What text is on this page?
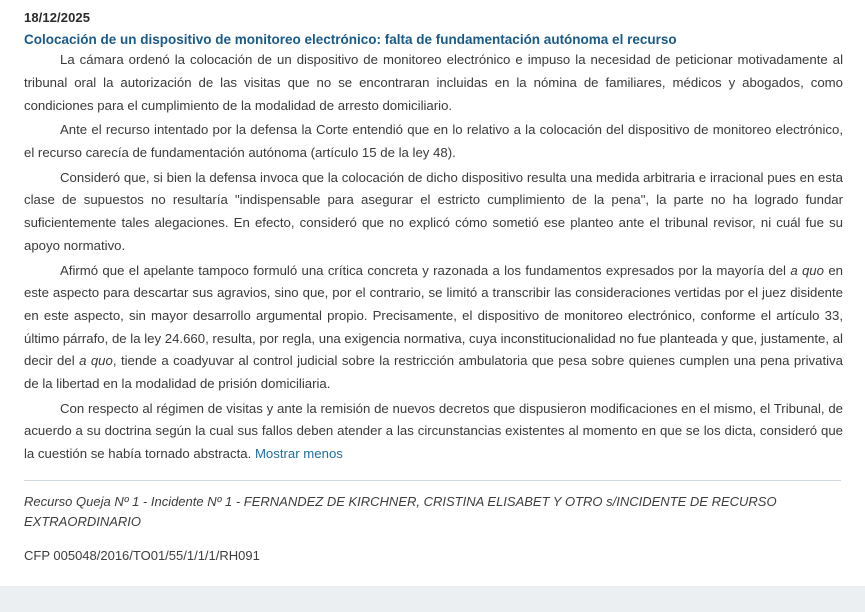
18/12/2025
Colocación de un dispositivo de monitoreo electrónico: falta de fundamentación autónoma el recurso

La cámara ordenó la colocación de un dispositivo de monitoreo electrónico e impuso la necesidad de peticionar motivadamente al tribunal oral la autorización de las visitas que no se encontraran incluidas en la nómina de familiares, médicos y abogados, como condiciones para el cumplimiento de la modalidad de arresto domiciliario.

Ante el recurso intentado por la defensa la Corte entendió que en lo relativo a la colocación del dispositivo de monitoreo electrónico, el recurso carecía de fundamentación autónoma (artículo 15 de la ley 48).

Consideró que, si bien la defensa invoca que la colocación de dicho dispositivo resulta una medida arbitraria e irracional pues en esta clase de supuestos no resultaría "indispensable para asegurar el estricto cumplimiento de la pena", la parte no ha logrado fundar suficientemente tales alegaciones. En efecto, consideró que no explicó cómo sometió ese planteo ante el tribunal revisor, ni cuál fue su apoyo normativo.

Afirmó que el apelante tampoco formuló una crítica concreta y razonada a los fundamentos expresados por la mayoría del a quo en este aspecto para descartar sus agravios, sino que, por el contrario, se limitó a transcribir las consideraciones vertidas por el juez disidente en este aspecto, sin mayor desarrollo argumental propio. Precisamente, el dispositivo de monitoreo electrónico, conforme el artículo 33, último párrafo, de la ley 24.660, resulta, por regla, una exigencia normativa, cuya inconstitucionalidad no fue planteada y que, justamente, al decir del a quo, tiende a coadyuvar al control judicial sobre la restricción ambulatoria que pesa sobre quienes cumplen una pena privativa de la libertad en la modalidad de prisión domiciliaria.

Con respecto al régimen de visitas y ante la remisión de nuevos decretos que dispusieron modificaciones en el mismo, el Tribunal, de acuerdo a su doctrina según la cual sus fallos deben atender a las circunstancias existentes al momento en que se los dicta, consideró que la cuestión se había tornado abstracta. Mostrar menos

Recurso Queja Nº 1 - Incidente Nº 1 - FERNANDEZ DE KIRCHNER, CRISTINA ELISABET Y OTRO s/INCIDENTE DE RECURSO EXTRAORDINARIO
CFP 005048/2016/TO01/55/1/1/1/RH091
